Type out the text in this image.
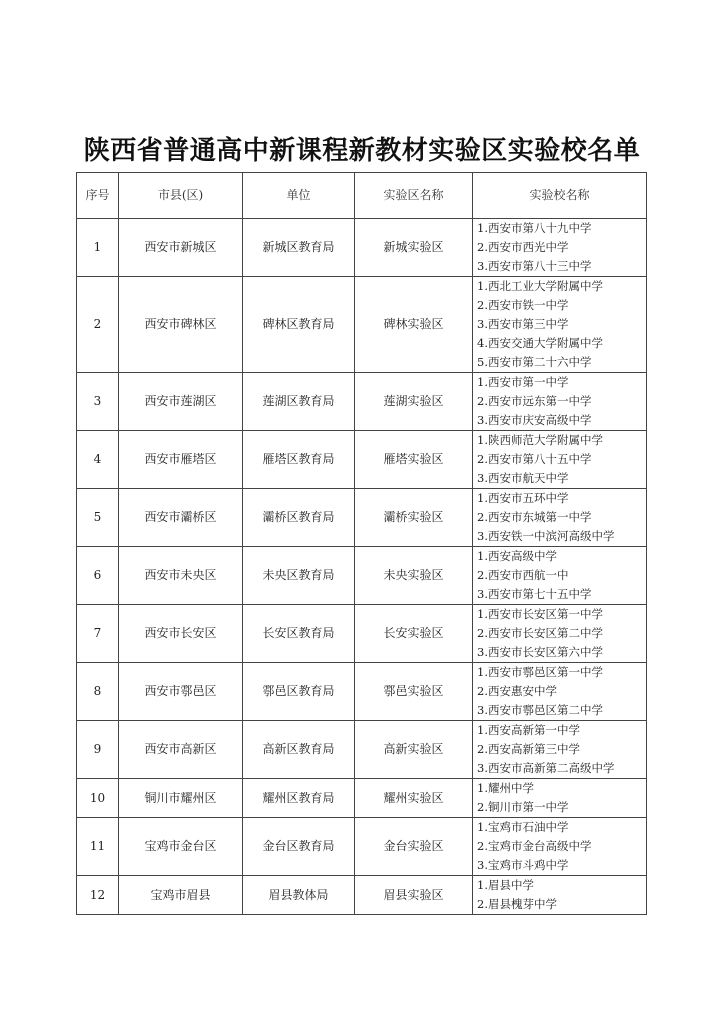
陕西省普通高中新课程新教材实验区实验校名单
序号	市县(区)	单位	实验区名称	实验校名称
1	西安市新城区	新城区教育局	新城实验区	1.西安市第八十九中学
2.西安市西光中学
3.西安市第八十三中学

2	西安市碑林区	碑林区教育局	碑林实验区	1.西北工业大学附属中学
2.西安市铁一中学
3.西安市第三中学
4.西安交通大学附属中学
5.西安市第二十六中学

3	西安市莲湖区	莲湖区教育局	莲湖实验区	1.西安市第一中学
2.西安市远东第一中学
3.西安市庆安高级中学

4	西安市雁塔区	雁塔区教育局	雁塔实验区	1.陕西师范大学附属中学
2.西安市第八十五中学
3.西安市航天中学

5	西安市灞桥区	灞桥区教育局	灞桥实验区	1.西安市五环中学
2.西安市东城第一中学
3.西安铁一中滨河高级中学

6	西安市未央区	未央区教育局	未央实验区	1.西安高级中学
2.西安市西航一中
3.西安市第七十五中学

7	西安市长安区	长安区教育局	长安实验区	1.西安市长安区第一中学
2.西安市长安区第二中学
3.西安市长安区第六中学

8	西安市鄠邑区	鄠邑区教育局	鄠邑实验区	1.西安市鄠邑区第一中学
2.西安惠安中学
3.西安市鄠邑区第二中学

9	西安市高新区	高新区教育局	高新实验区	1.西安高新第一中学
2.西安高新第三中学
3.西安市高新第二高级中学

10	铜川市耀州区	耀州区教育局	耀州实验区	1.耀州中学
2.铜川市第一中学

11	宝鸡市金台区	金台区教育局	金台实验区	1.宝鸡市石油中学
2.宝鸡市金台高级中学
3.宝鸡市斗鸡中学

12	宝鸡市眉县	眉县教体局	眉县实验区	1.眉县中学
2.眉县槐芽中学
